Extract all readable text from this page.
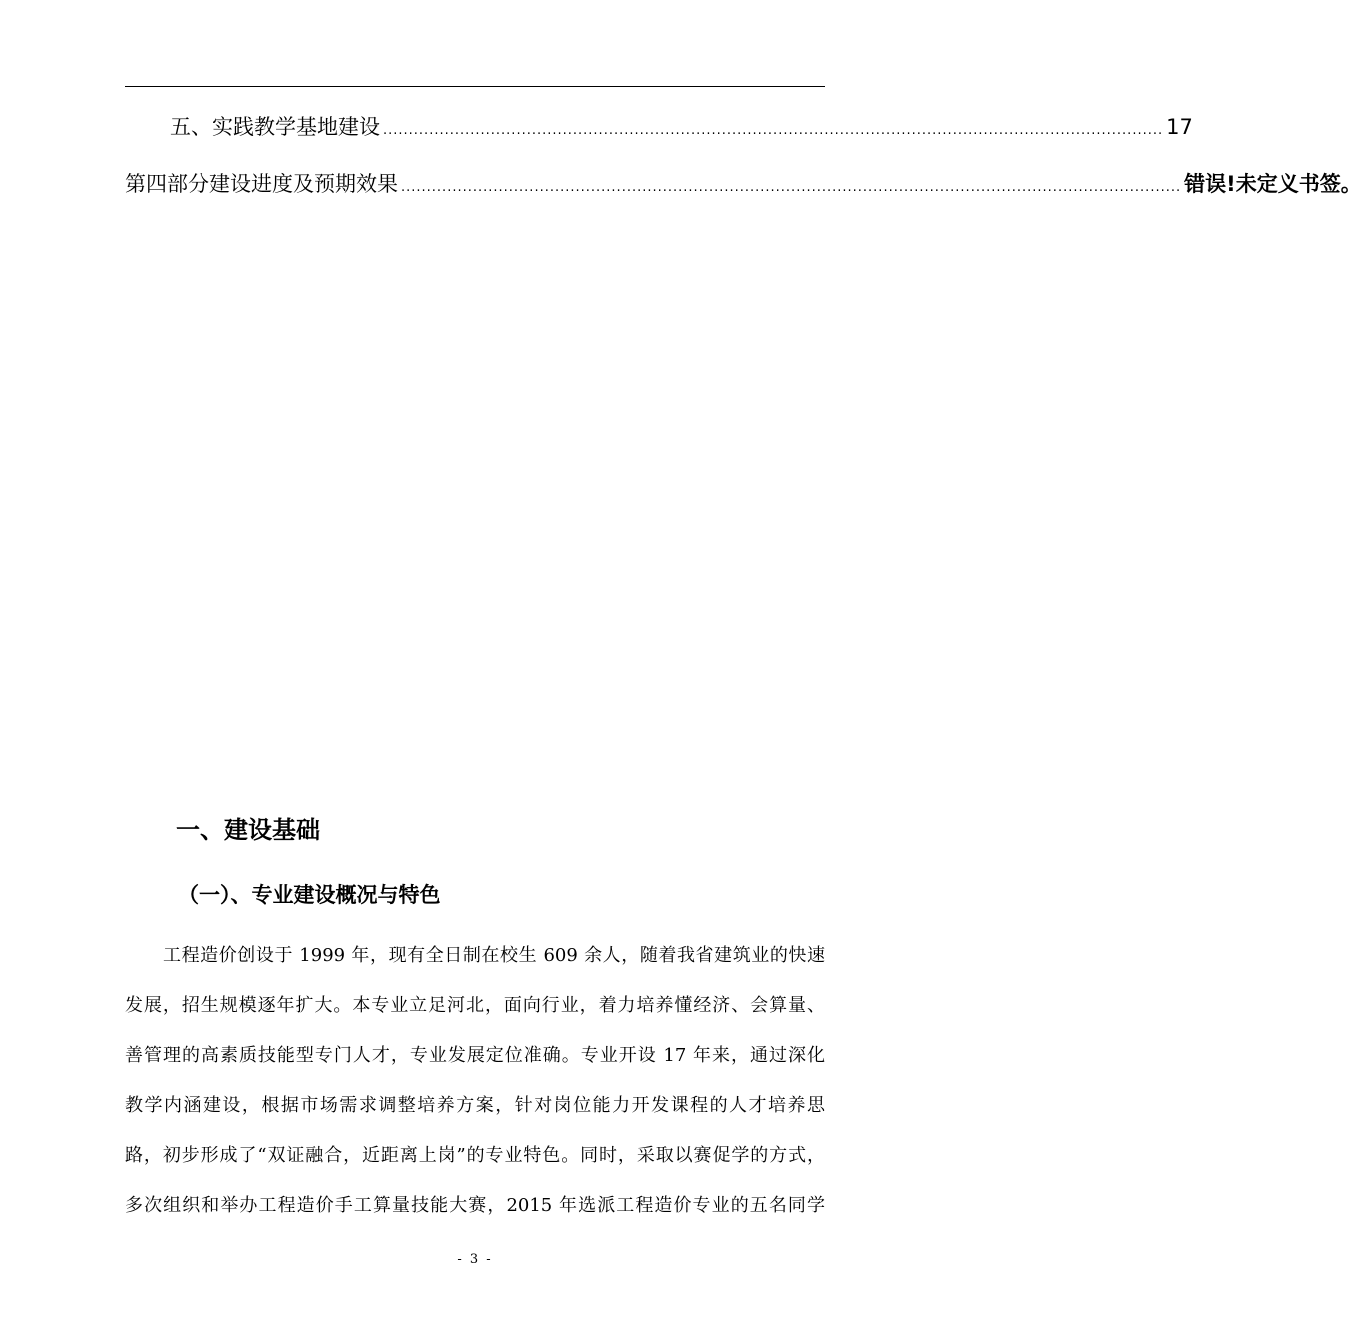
五、实践教学基地建设 ........................................................................................................................................................ 17
第四部分 建设进度及预期效果 ........................................................................................................................................................ 错误!未定义书签。
一、建设基础
（一）、专业建设概况与特色
工程造价创设于 1999 年，现有全日制在校生 609 余人，随着我省建筑业的快速
发展，招生规模逐年扩大。本专业立足河北，面向行业，着力培养懂经济、会算量、
善管理的高素质技能型专门人才，专业发展定位准确。专业开设 17 年来，通过深化
教学内涵建设，根据市场需求调整培养方案，针对岗位能力开发课程的人才培养思
路，初步形成了“双证融合，近距离上岗”的专业特色。同时，采取以赛促学的方式，
多次组织和举办工程造价手工算量技能大赛，2015 年选派工程造价专业的五名同学
- 3 -
